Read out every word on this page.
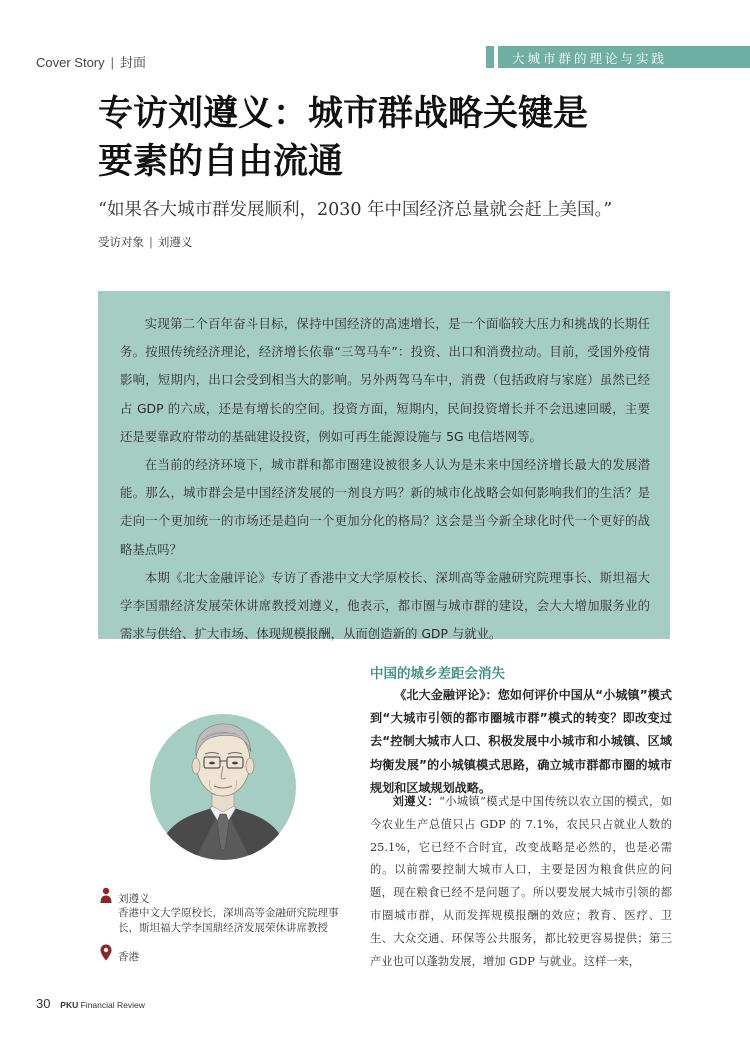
Cover Story | 封面	大城市群的理论与实践
专访刘遵义：城市群战略关键是
要素的自由流通
“如果各大城市群发展顺利，2030 年中国经济总量就会赶上美国。”
受访对象 | 刘遵义

实现第二个百年奋斗目标，保持中国经济的高速增长，是一个面临较大压力和挑战的长期任务。按照传统经济理论，经济增长依靠“三驾马车”：投资、出口和消费拉动。目前，受国外疫情影响，短期内，出口会受到相当大的影响。另外两驾马车中，消费（包括政府与家庭）虽然已经占 GDP 的六成，还是有增长的空间。投资方面，短期内，民间投资增长并不会迅速回暖，主要还是要靠政府带动的基础建设投资，例如可再生能源设施与 5G 电信塔网等。

在当前的经济环境下，城市群和都市圈建设被很多人认为是未来中国经济增长最大的发展潜能。那么，城市群会是中国经济发展的一剂良方吗？新的城市化战略会如何影响我们的生活？是走向一个更加统一的市场还是趋向一个更加分化的格局？这会是当今新全球化时代一个更好的战略基点吗？

本期《北大金融评论》专访了香港中文大学原校长、深圳高等金融研究院理事长、斯坦福大学李国鼎经济发展荣休讲席教授刘遵义，他表示，都市圈与城市群的建设，会大大增加服务业的需求与供给、扩大市场、体现规模报酬，从而创造新的 GDP 与就业。

刘遵义
香港中文大学原校长，深圳高等金融研究院理事长，斯坦福大学李国鼎经济发展荣休讲席教授
香港
中国的城乡差距会消失
《北大金融评论》：您如何评价中国从“小城镇”模式到“大城市引领的都市圈城市群”模式的转变？即改变过去“控制大城市人口、积极发展中小城市和小城镇、区域均衡发展”的小城镇模式思路，确立城市群都市圈的城市规划和区域规划战略。
刘遵义：“小城镇”模式是中国传统以农立国的模式，如今农业生产总值只占 GDP 的 7.1%，农民只占就业人数的 25.1%，它已经不合时宜，改变战略是必然的，也是必需的。以前需要控制大城市人口，主要是因为粮食供应的问题，现在粮食已经不是问题了。所以要发展大城市引领的都市圈城市群，从而发挥规模报酬的效应；教育、医疗、卫生、大众交通、环保等公共服务，都比较更容易提供；第三产业也可以蓬勃发展，增加 GDP 与就业。这样一来，
30 PKU Financial Review
